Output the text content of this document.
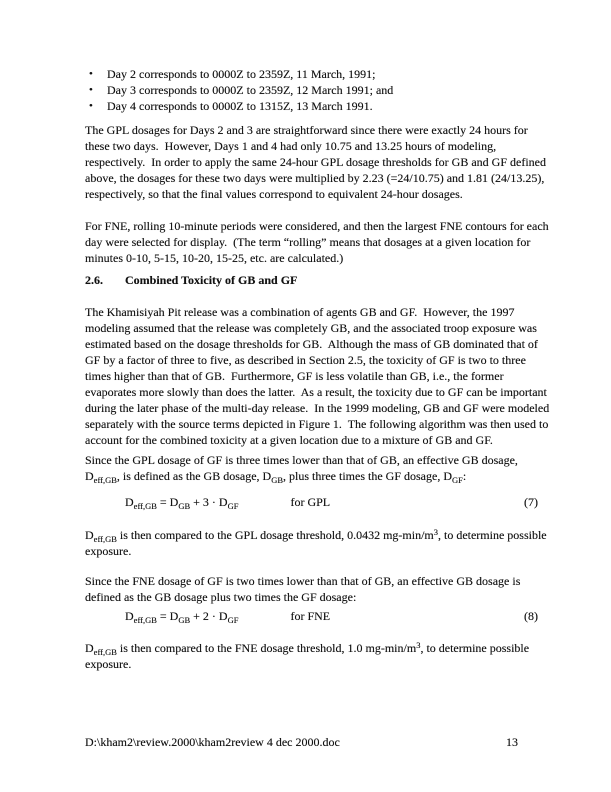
•	Day 2 corresponds to 0000Z to 2359Z, 11 March, 1991;
•	Day 3 corresponds to 0000Z to 2359Z, 12 March 1991; and
•	Day 4 corresponds to 0000Z to 1315Z, 13 March 1991.

The GPL dosages for Days 2 and 3 are straightforward since there were exactly 24 hours for these two days.  However, Days 1 and 4 had only 10.75 and 13.25 hours of modeling, respectively.  In order to apply the same 24-hour GPL dosage thresholds for GB and GF defined above, the dosages for these two days were multiplied by 2.23 (=24/10.75) and 1.81 (24/13.25), respectively, so that the final values correspond to equivalent 24-hour dosages.

For FNE, rolling 10-minute periods were considered, and then the largest FNE contours for each day were selected for display.  (The term “rolling” means that dosages at a given location for minutes 0-10, 5-15, 10-20, 15-25, etc. are calculated.)

2.6. Combined Toxicity of GB and GF

The Khamisiyah Pit release was a combination of agents GB and GF.  However, the 1997 modeling assumed that the release was completely GB, and the associated troop exposure was estimated based on the dosage thresholds for GB.  Although the mass of GB dominated that of GF by a factor of three to five, as described in Section 2.5, the toxicity of GF is two to three times higher than that of GB.  Furthermore, GF is less volatile than GB, i.e., the former evaporates more slowly than does the latter.  As a result, the toxicity due to GF can be important during the later phase of the multi-day release.  In the 1999 modeling, GB and GF were modeled separately with the source terms depicted in Figure 1.  The following algorithm was then used to account for the combined toxicity at a given location due to a mixture of GB and GF.

Since the GPL dosage of GF is three times lower than that of GB, an effective GB dosage, $D_{eff,GB}$, is defined as the GB dosage, $D_{GB}$, plus three times the GF dosage, $D_{GF}$:

$D_{eff,GB} = D_{GB} + 3 \cdot D_{GF}$	for GPL	(7)

$D_{eff,GB}$ is then compared to the GPL dosage threshold, 0.0432 $mg-\min/m^3$, to determine possible exposure.

Since the FNE dosage of GF is two times lower than that of GB, an effective GB dosage is defined as the GB dosage plus two times the GF dosage:

$D_{eff,GB} = D_{GB} + 2 \cdot D_{GF}$	for FNE	(8)

$D_{eff,GB}$ is then compared to the FNE dosage threshold, 1.0 $mg-\min/m^3$, to determine possible exposure.

D:\kham2\review.2000\kham2review 4 dec 2000.doc	13
